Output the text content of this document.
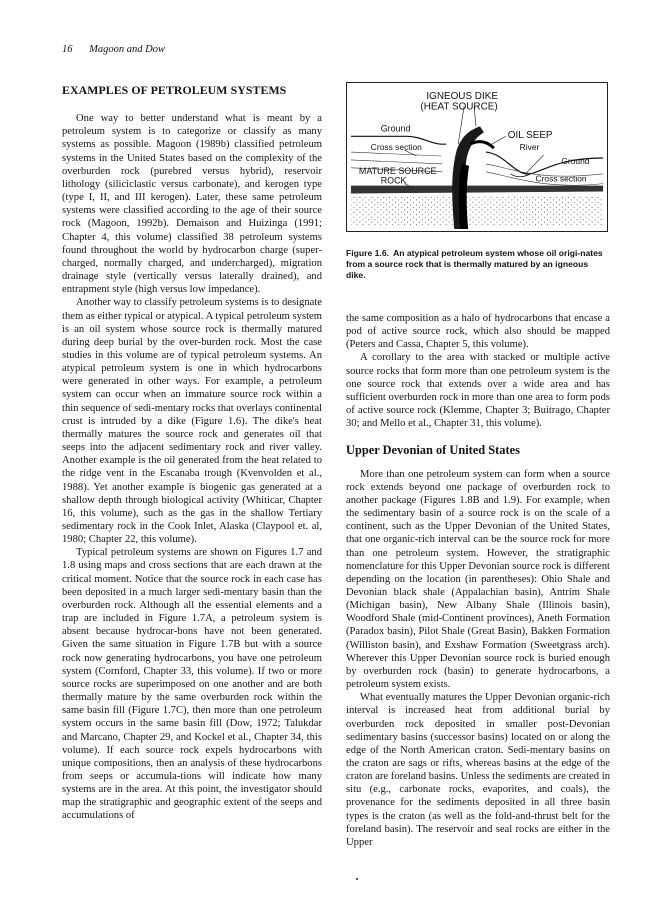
16 Magoon and Dow
EXAMPLES OF PETROLEUM SYSTEMS

One way to better understand what is meant by a petroleum system is to categorize or classify as many systems as possible. Magoon (1989b) classified petroleum systems in the United States based on the complexity of the overburden rock (purebred versus hybrid), reservoir lithology (siliciclastic versus carbonate), and kerogen type (type I, II, and III kerogen). Later, these same petroleum systems were classified according to the age of their source rock (Magoon, 1992b). Demaison and Huizinga (1991; Chapter 4, this volume) classified 38 petroleum systems found throughout the world by hydrocarbon charge (super-charged, normally charged, and undercharged), migration drainage style (vertically versus laterally drained), and entrapment style (high versus low impedance).

Another way to classify petroleum systems is to designate them as either typical or atypical. A typical petroleum system is an oil system whose source rock is thermally matured during deep burial by the over-burden rock. Most the case studies in this volume are of typical petroleum systems. An atypical petroleum system is one in which hydrocarbons were generated in other ways. For example, a petroleum system can occur when an immature source rock within a thin sequence of sedi-mentary rocks that overlays continental crust is intruded by a dike (Figure 1.6). The dike's heat thermally matures the source rock and generates oil that seeps into the adjacent sedimentary rock and river valley. Another example is the oil generated from the heat related to the ridge vent in the Escanaba trough (Kvenvolden et al., 1988). Yet another example is biogenic gas generated at a shallow depth through biological activity (Whiticar, Chapter 16, this volume), such as the gas in the shallow Tertiary sedimentary rock in the Cook Inlet, Alaska (Claypool et. al, 1980; Chapter 22, this volume).

Typical petroleum systems are shown on Figures 1.7 and 1.8 using maps and cross sections that are each drawn at the critical moment. Notice that the source rock in each case has been deposited in a much larger sedi-mentary basin than the overburden rock. Although all the essential elements and a trap are included in Figure 1.7A, a petroleum system is absent because hydrocar-bons have not been generated. Given the same situation in Figure 1.7B but with a source rock now generating hydrocarbons, you have one petroleum system (Cornford, Chapter 33, this volume). If two or more source rocks are superimposed on one another and are both thermally mature by the same overburden rock within the same basin fill (Figure 1.7C), then more than one petroleum system occurs in the same basin fill (Dow, 1972; Talukdar and Marcano, Chapter 29, and Kockel et al., Chapter 34, this volume). If each source rock expels hydrocarbons with unique compositions, then an analysis of these hydrocarbons from seeps or accumula-tions will indicate how many systems are in the area. At this point, the investigator should map the stratigraphic and geographic extent of the seeps and accumulations of

IGNEOUS DIKE
(HEAT SOURCE)
Ground
OIL SEEP
Cross section	River
Ground
MATURE SOURCE
ROCK	Cross section
Figure 1.6. An atypical petroleum system whose oil origi-nates from a source rock that is thermally matured by an igneous dike.

the same composition as a halo of hydrocarbons that encase a pod of active source rock, which also should be mapped (Peters and Cassa, Chapter 5, this volume).

A corollary to the area with stacked or multiple active source rocks that form more than one petroleum system is the one source rock that extends over a wide area and has sufficient overburden rock in more than one area to form pods of active source rock (Klemme, Chapter 3; Buitrago, Chapter 30; and Mello et al., Chapter 31, this volume).

Upper Devonian of United States

More than one petroleum system can form when a source rock extends beyond one package of overburden rock to another package (Figures 1.8B and 1.9). For example, when the sedimentary basin of a source rock is on the scale of a continent, such as the Upper Devonian of the United States, that one organic-rich interval can be the source rock for more than one petroleum system. However, the stratigraphic nomenclature for this Upper Devonian source rock is different depending on the location (in parentheses): Ohio Shale and Devonian black shale (Appalachian basin), Antrim Shale (Michigan basin), New Albany Shale (Illinois basin), Woodford Shale (mid-Continent provinces), Aneth Formation (Paradox basin), Pilot Shale (Great Basin), Bakken Formation (Williston basin), and Exshaw Formation (Sweetgrass arch). Wherever this Upper Devonian source rock is buried enough by overburden rock (basin) to generate hydrocarbons, a petroleum system exists.

What eventually matures the Upper Devonian organic-rich interval is increased heat from additional burial by overburden rock deposited in smaller post-Devonian sedimentary basins (successor basins) located on or along the edge of the North American craton. Sedi-mentary basins on the craton are sags or rifts, whereas basins at the edge of the craton are foreland basins. Unless the sediments are created in situ (e.g., carbonate rocks, evaporites, and coals), the provenance for the sediments deposited in all three basin types is the craton (as well as the fold-and-thrust belt for the foreland basin). The reservoir and seal rocks are either in the Upper
